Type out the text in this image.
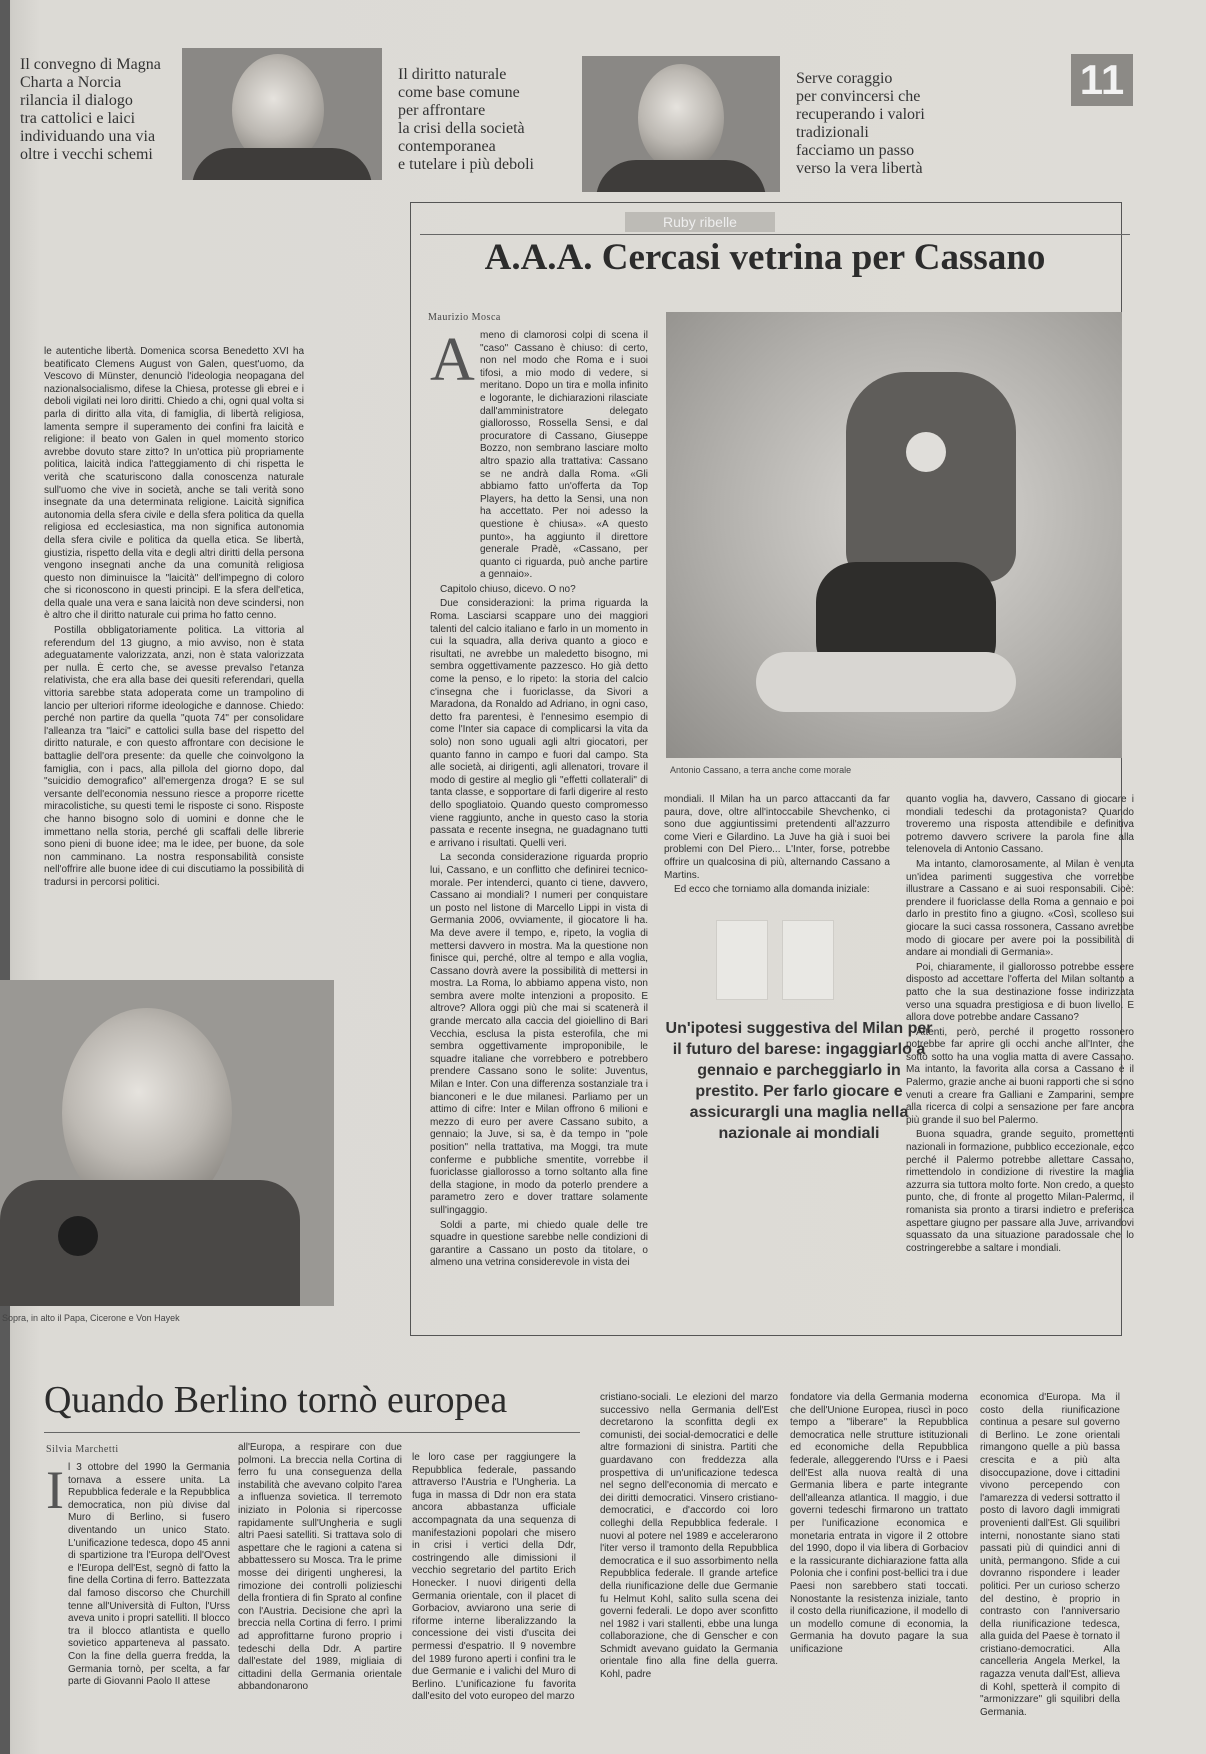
Il convegno di Magna
Charta a Norcia
rilancia il dialogo
tra cattolici e laici
individuando una via
oltre i vecchi schemi
Il diritto naturale
come base comune
per affrontare
la crisi della società
contemporanea
e tutelare i più deboli
Serve coraggio
per convincersi che
recuperando i valori
tradizionali
facciamo un passo
verso la vera libertà
11

le autentiche libertà. Domenica scorsa Benedetto XVI ha beatificato Clemens August von Galen, quest'uomo, da Vescovo di Münster, denunciò l'ideologia neopagana del nazionalsocialismo, difese la Chiesa, protesse gli ebrei e i deboli vigilati nei loro diritti. Chiedo a chi, ogni qual volta si parla di diritto alla vita, di famiglia, di libertà religiosa, lamenta sempre il superamento dei confini fra laicità e religione: il beato von Galen in quel momento storico avrebbe dovuto stare zitto? In un'ottica più propriamente politica, laicità indica l'atteggiamento di chi rispetta le verità che scaturiscono dalla conoscenza naturale sull'uomo che vive in società, anche se tali verità sono insegnate da una determinata religione. Laicità significa autonomia della sfera civile e della sfera politica da quella religiosa ed ecclesiastica, ma non significa autonomia della sfera civile e politica da quella etica. Se libertà, giustizia, rispetto della vita e degli altri diritti della persona vengono insegnati anche da una comunità religiosa questo non diminuisce la "laicità" dell'impegno di coloro che si riconoscono in questi principi. E la sfera dell'etica, della quale una vera e sana laicità non deve scindersi, non è altro che il diritto naturale cui prima ho fatto cenno.

Postilla obbligatoriamente politica. La vittoria al referendum del 13 giugno, a mio avviso, non è stata adeguatamente valorizzata, anzi, non è stata valorizzata per nulla. È certo che, se avesse prevalso l'etanza relativista, che era alla base dei quesiti referendari, quella vittoria sarebbe stata adoperata come un trampolino di lancio per ulteriori riforme ideologiche e dannose. Chiedo: perché non partire da quella "quota 74" per consolidare l'alleanza tra "laici" e cattolici sulla base del rispetto del diritto naturale, e con questo affrontare con decisione le battaglie dell'ora presente: da quelle che coinvolgono la famiglia, con i pacs, alla pillola del giorno dopo, dal "suicidio demografico" all'emergenza droga? E se sul versante dell'economia nessuno riesce a proporre ricette miracolistiche, su questi temi le risposte ci sono. Risposte che hanno bisogno solo di uomini e donne che le immettano nella storia, perché gli scaffali delle librerie sono pieni di buone idee; ma le idee, per buone, da sole non camminano. La nostra responsabilità consiste nell'offrire alle buone idee di cui discutiamo la possibilità di tradursi in percorsi politici.

Sopra, in alto il Papa, Cicerone e Von Hayek
Ruby ribelle
A.A.A. Cercasi vetrina per Cassano
Maurizio Mosca
A meno di clamorosi colpi di scena il "caso" Cassano è chiuso: di certo, non nel modo che Roma e i suoi tifosi, a mio modo di vedere, si meritano. Dopo un tira e molla infinito e logorante, le dichiarazioni rilasciate dall'amministratore delegato giallorosso, Rossella Sensi, e dal procuratore di Cassano, Giuseppe Bozzo, non sembrano lasciare molto altro spazio alla trattativa: Cassano se ne andrà dalla Roma. «Gli abbiamo fatto un'offerta da Top Players, ha detto la Sensi, una non ha accettato. Per noi adesso la questione è chiusa». «A questo punto», ha aggiunto il direttore generale Pradè, «Cassano, per quanto ci riguarda, può anche partire a gennaio».

Capitolo chiuso, dicevo. O no?

Due considerazioni: la prima riguarda la Roma. Lasciarsi scappare uno dei maggiori talenti del calcio italiano e farlo in un momento in cui la squadra, alla deriva quanto a gioco e risultati, ne avrebbe un maledetto bisogno, mi sembra oggettivamente pazzesco. Ho già detto come la penso, e lo ripeto: la storia del calcio c'insegna che i fuoriclasse, da Sivori a Maradona, da Ronaldo ad Adriano, in ogni caso, detto fra parentesi, è l'ennesimo esempio di come l'Inter sia capace di complicarsi la vita da solo) non sono uguali agli altri giocatori, per quanto fanno in campo e fuori dal campo. Sta alle società, ai dirigenti, agli allenatori, trovare il modo di gestire al meglio gli "effetti collaterali" di tanta classe, e sopportare di farli digerire al resto dello spogliatoio. Quando questo compromesso viene raggiunto, anche in questo caso la storia passata e recente insegna, ne guadagnano tutti e arrivano i risultati. Quelli veri.

La seconda considerazione riguarda proprio lui, Cassano, e un conflitto che definirei tecnico-morale. Per intenderci, quanto ci tiene, davvero, Cassano ai mondiali? I numeri per conquistare un posto nel listone di Marcello Lippi in vista di Germania 2006, ovviamente, il giocatore li ha. Ma deve avere il tempo, e, ripeto, la voglia di mettersi davvero in mostra. Ma la questione non finisce qui, perché, oltre al tempo e alla voglia, Cassano dovrà avere la possibilità di mettersi in mostra. La Roma, lo abbiamo appena visto, non sembra avere molte intenzioni a proposito. E altrove? Allora oggi più che mai si scatenerà il grande mercato alla caccia del gioiellino di Bari Vecchia, esclusa la pista esterofila, che mi sembra oggettivamente improponibile, le squadre italiane che vorrebbero e potrebbero prendere Cassano sono le solite: Juventus, Milan e Inter. Con una differenza sostanziale tra i bianconeri e le due milanesi. Parliamo per un attimo di cifre: Inter e Milan offrono 6 milioni e mezzo di euro per avere Cassano subito, a gennaio; la Juve, si sa, è da tempo in "pole position" nella trattativa, ma Moggi, tra mute conferme e pubbliche smentite, vorrebbe il fuoriclasse giallorosso a torno soltanto alla fine della stagione, in modo da poterlo prendere a parametro zero e dover trattare solamente sull'ingaggio.

Soldi a parte, mi chiedo quale delle tre squadre in questione sarebbe nelle condizioni di garantire a Cassano un posto da titolare, o almeno una vetrina considerevole in vista dei

Antonio Cassano, a terra anche come morale

mondiali. Il Milan ha un parco attaccanti da far paura, dove, oltre all'intoccabile Shevchenko, ci sono due aggiuntissimi pretendenti all'azzurro come Vieri e Gilardino. La Juve ha già i suoi bei problemi con Del Piero... L'Inter, forse, potrebbe offrire un qualcosina di più, alternando Cassano a Martins.

Ed ecco che torniamo alla domanda iniziale:

Un'ipotesi suggestiva del Milan per il futuro del barese: ingaggiarlo a gennaio e parcheggiarlo in prestito. Per farlo giocare e assicurargli una maglia nella nazionale ai mondiali

quanto voglia ha, davvero, Cassano di giocare i mondiali tedeschi da protagonista? Quando troveremo una risposta attendibile e definitiva potremo davvero scrivere la parola fine alla telenovela di Antonio Cassano.

Ma intanto, clamorosamente, al Milan è venuta un'idea parimenti suggestiva che vorrebbe illustrare a Cassano e ai suoi responsabili. Cioè: prendere il fuoriclasse della Roma a gennaio e poi darlo in prestito fino a giugno. «Così, scolleso sui giocare la suci cassa rossonera, Cassano avrebbe modo di giocare per avere poi la possibilità di andare ai mondiali di Germania».

Poi, chiaramente, il giallorosso potrebbe essere disposto ad accettare l'offerta del Milan soltanto a patto che la sua destinazione fosse indirizzata verso una squadra prestigiosa e di buon livello. E allora dove potrebbe andare Cassano?

Attenti, però, perché il progetto rossonero potrebbe far aprire gli occhi anche all'Inter, che sotto sotto ha una voglia matta di avere Cassano. Ma intanto, la favorita alla corsa a Cassano è il Palermo, grazie anche ai buoni rapporti che si sono venuti a creare fra Galliani e Zamparini, sempre alla ricerca di colpi a sensazione per fare ancora più grande il suo bel Palermo.

Buona squadra, grande seguito, promettenti nazionali in formazione, pubblico eccezionale, ecco perché il Palermo potrebbe allettare Cassano, rimettendolo in condizione di rivestire la maglia azzurra sia tuttora molto forte. Non credo, a questo punto, che, di fronte al progetto Milan-Palermo, il romanista sia pronto a tirarsi indietro e preferisca aspettare giugno per passare alla Juve, arrivandovi squassato da una situazione paradossale che lo costringerebbe a saltare i mondiali.

Quando Berlino tornò europea
Silvia Marchetti
I l 3 ottobre del 1990 la Germania tornava a essere unita. La Repubblica federale e la Repubblica democratica, non più divise dal Muro di Berlino, si fusero diventando un unico Stato. L'unificazione tedesca, dopo 45 anni di spartizione tra l'Europa dell'Ovest e l'Europa dell'Est, segnò di fatto la fine della Cortina di ferro. Battezzata dal famoso discorso che Churchill tenne all'Università di Fulton, l'Urss aveva unito i propri satelliti. Il blocco tra il blocco atlantista e quello sovietico apparteneva al passato. Con la fine della guerra fredda, la Germania tornò, per scelta, a far parte di Giovanni Paolo II attese

all'Europa, a respirare con due polmoni. La breccia nella Cortina di ferro fu una conseguenza della instabilità che avevano colpito l'area a influenza sovietica. Il terremoto iniziato in Polonia si ripercosse rapidamente sull'Ungheria e sugli altri Paesi satelliti. Si trattava solo di aspettare che le ragioni a catena si abbattessero su Mosca. Tra le prime mosse dei dirigenti ungheresi, la rimozione dei controlli polizieschi della frontiera di fin Sprato al confine con l'Austria. Decisione che aprì la breccia nella Cortina di ferro. I primi ad approfittarne furono proprio i tedeschi della Ddr. A partire dall'estate del 1989, migliaia di cittadini della Germania orientale abbandonarono

le loro case per raggiungere la Repubblica federale, passando attraverso l'Austria e l'Ungheria. La fuga in massa di Ddr non era stata ancora abbastanza ufficiale accompagnata da una sequenza di manifestazioni popolari che misero in crisi i vertici della Ddr, costringendo alle dimissioni il vecchio segretario del partito Erich Honecker. I nuovi dirigenti della Germania orientale, con il placet di Gorbaciov, avviarono una serie di riforme interne liberalizzando la concessione dei visti d'uscita dei permessi d'espatrio. Il 9 novembre del 1989 furono aperti i confini tra le due Germanie e i valichi del Muro di Berlino. L'unificazione fu favorita dall'esito del voto europeo del marzo

cristiano-sociali. Le elezioni del marzo successivo nella Germania dell'Est decretarono la sconfitta degli ex comunisti, dei social-democratici e delle altre formazioni di sinistra. Partiti che guardavano con freddezza alla prospettiva di un'unificazione tedesca nel segno dell'economia di mercato e dei diritti democratici. Vinsero cristiano-democratici, e d'accordo coi loro colleghi della Repubblica federale. I nuovi al potere nel 1989 e accelerarono l'iter verso il tramonto della Repubblica democratica e il suo assorbimento nella Repubblica federale. Il grande artefice della riunificazione delle due Germanie fu Helmut Kohl, salito sulla scena dei governi federali. Le dopo aver sconfitto nel 1982 i vari stallenti, ebbe una lunga collaborazione, che di Genscher e con Schmidt avevano guidato la Germania orientale fino alla fine della guerra. Kohl, padre

fondatore via della Germania moderna che dell'Unione Europea, riuscì in poco tempo a "liberare" la Repubblica democratica nelle strutture istituzionali ed economiche della Repubblica federale, alleggerendo l'Urss e i Paesi dell'Est alla nuova realtà di una Germania libera e parte integrante dell'alleanza atlantica. Il maggio, i due governi tedeschi firmarono un trattato per l'unificazione economica e monetaria entrata in vigore il 2 ottobre del 1990, dopo il via libera di Gorbaciov e la rassicurante dichiarazione fatta alla Polonia che i confini post-bellici tra i due Paesi non sarebbero stati toccati. Nonostante la resistenza iniziale, tanto il costo della riunificazione, il modello di un modello comune di economia, la Germania ha dovuto pagare la sua unificazione

economica d'Europa. Ma il costo della riunificazione continua a pesare sul governo di Berlino. Le zone orientali rimangono quelle a più bassa crescita e a più alta disoccupazione, dove i cittadini vivono percependo con l'amarezza di vedersi sottratto il posto di lavoro dagli immigrati provenienti dall'Est. Gli squilibri interni, nonostante siano stati passati più di quindici anni di unità, permangono. Sfide a cui dovranno rispondere i leader politici. Per un curioso scherzo del destino, è proprio in contrasto con l'anniversario della riunificazione tedesca, alla guida del Paese è tornato il cristiano-democratici. Alla cancelleria Angela Merkel, la ragazza venuta dall'Est, allieva di Kohl, spetterà il compito di "armonizzare" gli squilibri della Germania.
